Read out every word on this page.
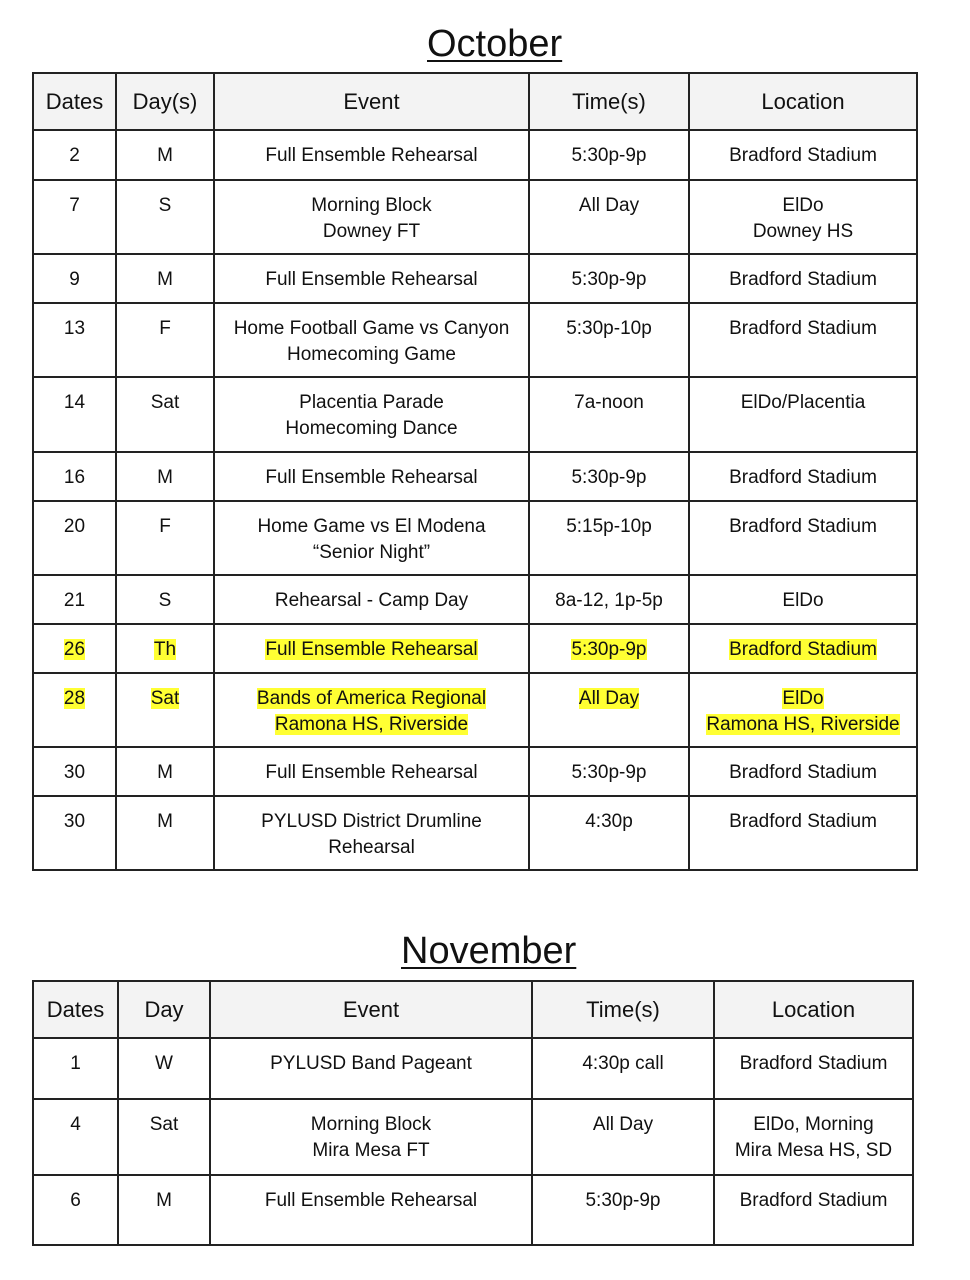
October
Dates	Day(s)	Event	Time(s)	Location
2	M	Full Ensemble Rehearsal	5:30p-9p	Bradford Stadium

7	S	Morning Block
Downey FT	All Day	ElDo
Downey HS

9	M	Full Ensemble Rehearsal	5:30p-9p	Bradford Stadium

13	F	Home Football Game vs Canyon
Homecoming Game	5:30p-10p	Bradford Stadium

14	Sat	Placentia Parade
Homecoming Dance	7a-noon	ElDo/Placentia

16	M	Full Ensemble Rehearsal	5:30p-9p	Bradford Stadium

20	F	Home Game vs El Modena
“Senior Night”	5:15p-10p	Bradford Stadium

21	S	Rehearsal - Camp Day	8a-12, 1p-5p	ElDo

26	Th	Full Ensemble Rehearsal	5:30p-9p	Bradford Stadium

28	Sat	Bands of America Regional
Ramona HS, Riverside	All Day	ElDo
Ramona HS, Riverside

30	M	Full Ensemble Rehearsal	5:30p-9p	Bradford Stadium

30	M	PYLUSD District Drumline
Rehearsal	4:30p	Bradford Stadium
November
Dates	Day	Event	Time(s)	Location
1	W	PYLUSD Band Pageant	4:30p call	Bradford Stadium

4	Sat	Morning Block
Mira Mesa FT	All Day	ElDo, Morning
Mira Mesa HS, SD

6	M	Full Ensemble Rehearsal	5:30p-9p	Bradford Stadium
